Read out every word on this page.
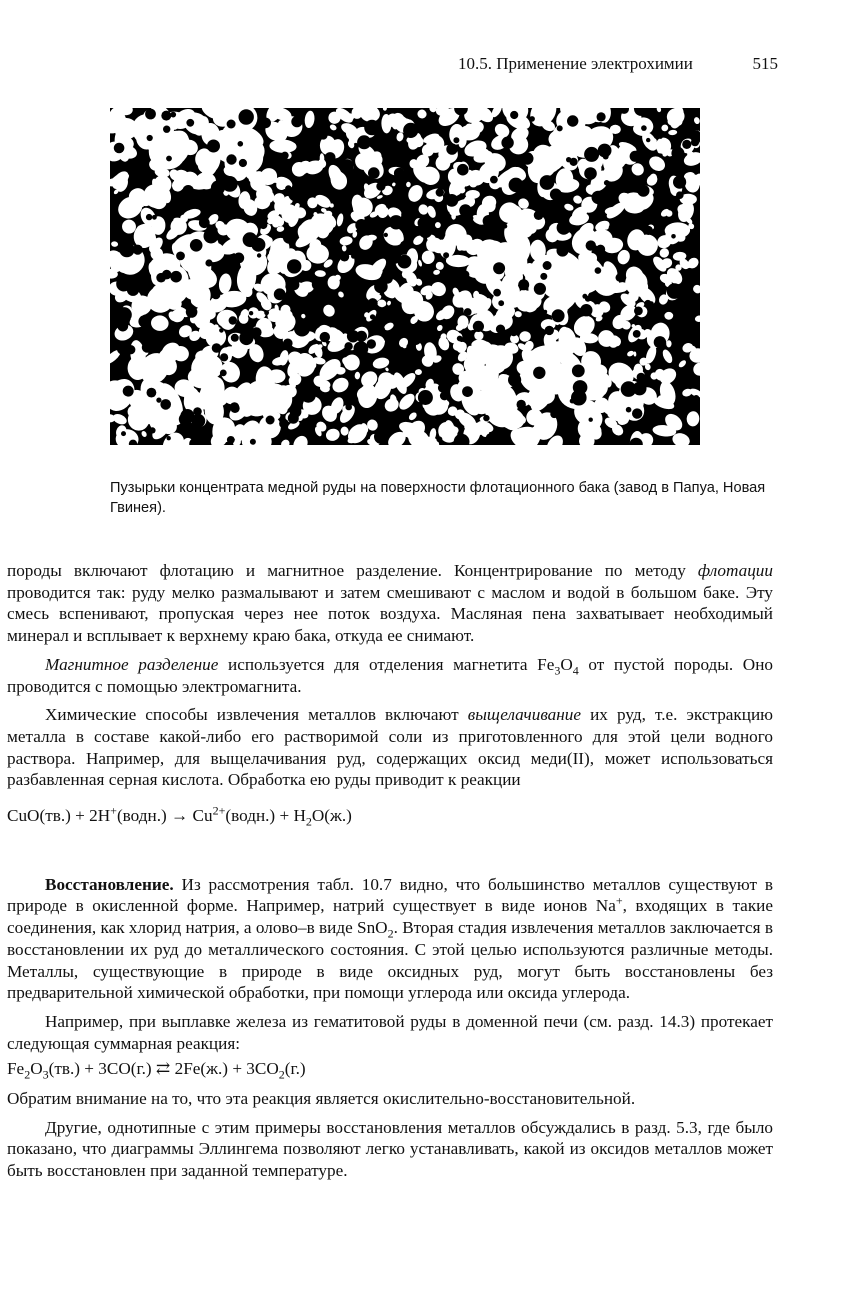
10.5. Применение электрохимии	515
Пузырьки концентрата медной руды на поверхности флотационного бака (завод в Папуа, Новая Гвинея).

породы включают флотацию и магнитное разделение. Концентрирование по методу флотации проводится так: руду мелко размалывают и затем смешивают с маслом и водой в большом баке. Эту смесь вспенивают, пропуская через нее поток воздуха. Масляная пена захватывает необходимый минерал и всплывает к верхнему краю бака, откуда ее снимают.

Магнитное разделение используется для отделения магнетита $Fe_3O_4$ от пустой породы. Оно проводится с помощью электромагнита.

Химические способы извлечения металлов включают выщелачивание их руд, т.е. экстракцию металла в составе какой-либо его растворимой соли из приготовленного для этой цели водного раствора. Например, для выщелачивания руд, содержащих оксид меди(II), может использоваться разбавленная серная кислота. Обработка ею руды приводит к реакции

CuO(тв.) + 2H+(водн.) → $Cu^{2+}(водн.) + H_2O(ж.)$

Восстановление. Из рассмотрения табл. 10.7 видно, что большинство металлов существуют в природе в окисленной форме. Например, натрий существует в виде ионов Na+, входящих в такие соединения, как хлорид натрия, а олово–в виде SnO$_2$. Вторая стадия извлечения металлов заключается в восстановлении их руд до металлического состояния. С этой целью используются различные методы. Металлы, существующие в природе в виде оксидных руд, могут быть восстановлены без предварительной химической обработки, при помощи углерода или оксида углерода.

Например, при выплавке железа из гематитовой руды в доменной печи (см. разд. 14.3) протекает следующая суммарная реакция:

$Fe_2O_3(тв.) + 3CO(г.)$ ⇄ $2Fe(ж.) + 3CO_2(г.)$

Обратим внимание на то, что эта реакция является окислительно-восстановительной.

Другие, однотипные с этим примеры восстановления металлов обсуждались в разд. 5.3, где было показано, что диаграммы Эллингема позволяют легко устанавливать, какой из оксидов металлов может быть восстановлен при заданной температуре.
